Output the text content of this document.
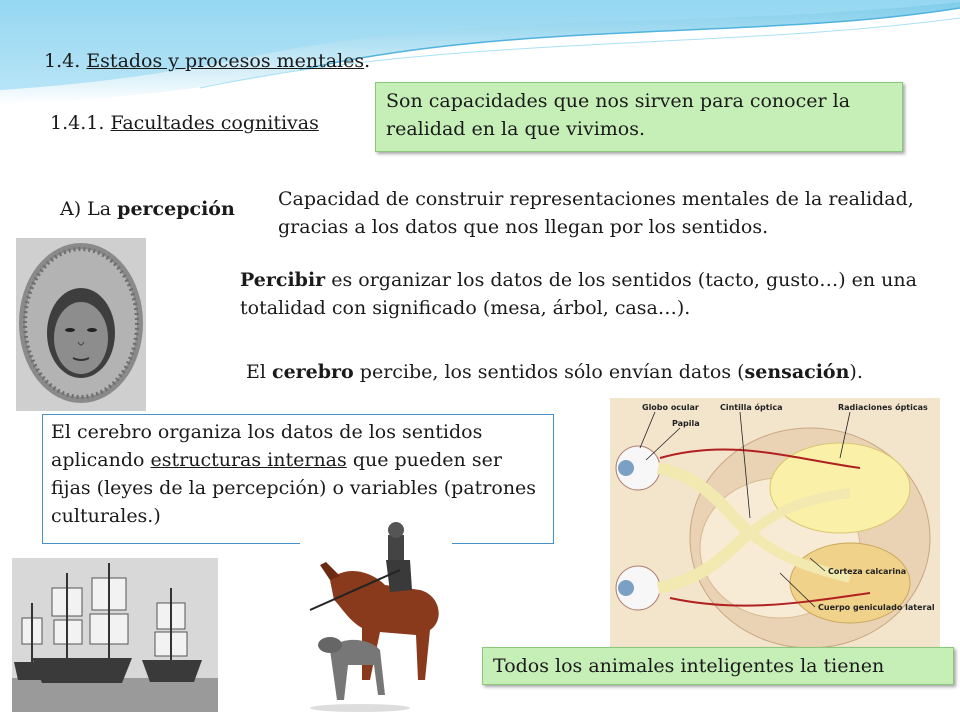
1.4. Estados y procesos mentales.
1.4.1. Facultades cognitivas
Son capacidades que nos sirven para conocer la realidad en la que vivimos.
A) La percepción Capacidad de construir representaciones mentales de la realidad, gracias a los datos que nos llegan por los sentidos.
Percibir es organizar los datos de los sentidos (tacto, gusto…) en una totalidad con significado (mesa, árbol, casa…).
El cerebro percibe, los sentidos sólo envían datos (sensación).
El cerebro organiza los datos de los sentidos aplicando estructuras internas que pueden ser fijas (leyes de la percepción) o variables (patrones culturales.)
Globo ocular
Papila
Cintilla óptica	Radiaciones ópticas
Corteza calcarina
Cuerpo geniculado lateral
Todos los animales inteligentes la tienen
